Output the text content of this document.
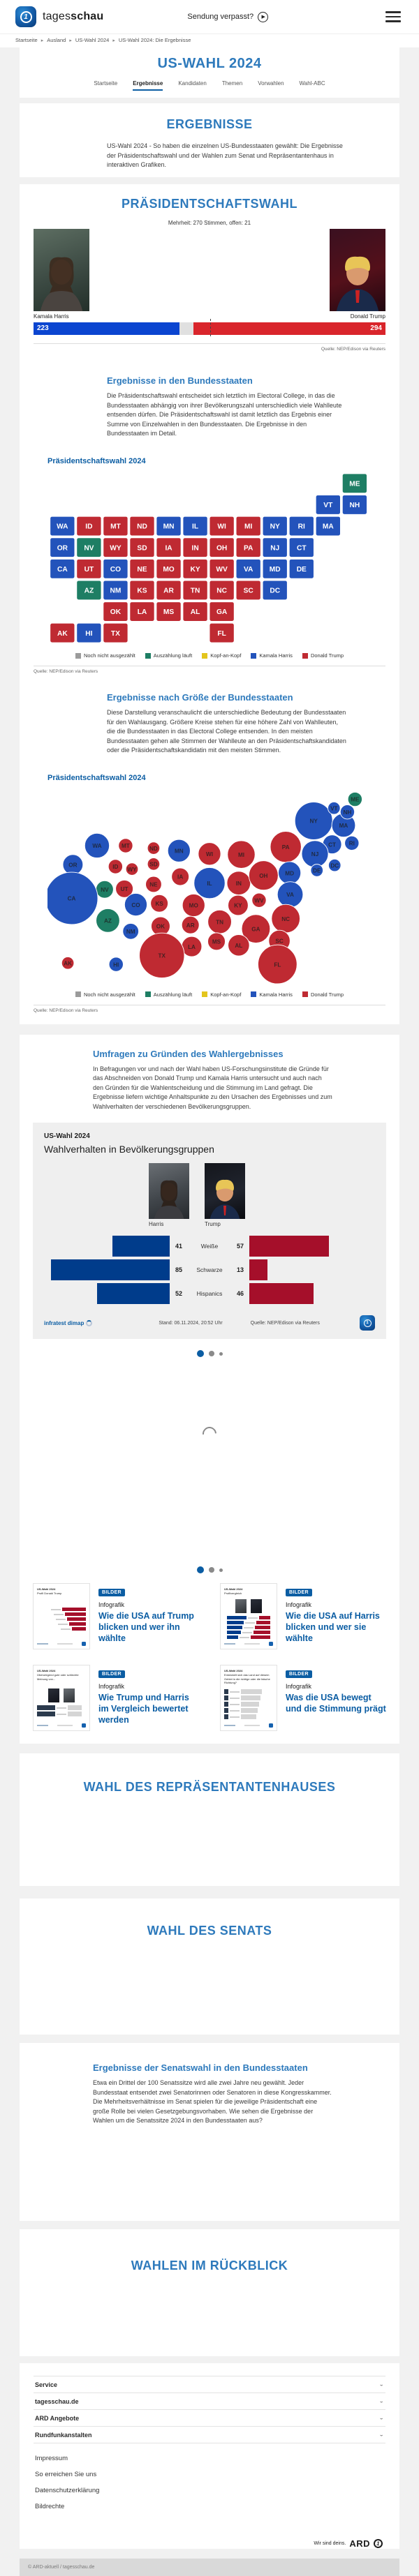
1	tagesschau	Sendung verpasst? ▶
Startseite ▸ Ausland ▸ US-Wahl 2024 ▸ US-Wahl 2024: Die Ergebnisse
US-WAHL 2024
Startseite	Ergebnisse	Kandidaten	Themen	Vorwahlen	Wahl-ABC
ERGEBNISSE

US-Wahl 2024 - So haben die einzelnen US-Bundesstaaten gewählt: Die Ergebnisse der Präsidentschaftswahl und der Wahlen zum Senat und Repräsentantenhaus in interaktiven Grafiken.

PRÄSIDENTSCHAFTSWAHL
Mehrheit: 270 Stimmen, offen: 21
Kamala Harris	Donald Trump
223	294
Quelle: NEP/Edison via Reuters
Ergebnisse in den Bundesstaaten

Die Präsidentschaftswahl entscheidet sich letztlich im Electoral College, in das die Bundesstaaten abhängig von ihrer Bevölkerungszahl unterschiedlich viele Wahlleute entsenden dürfen. Die Präsidentschaftswahl ist damit letztlich das Ergebnis einer Summe von Einzelwahlen in den Bundesstaaten. Die Ergebnisse in den Bundesstaaten im Detail.

Präsidentschaftswahl 2024
ME
VT NH
WA ID MT ND MN IL WI MI NY RI MA
OR NV WY SD IA	IN OH PA NJ CT
CA UT CO NE MO KY WV VA MD DE
AZ NM KS AR TN NC SC DC
OK LA MS AL GA
AK HI TX	FL
Noch nicht ausgezählt	Auszählung läuft	Kopf-an-Kopf	Kamala Harris	Donald Trump
Quelle: NEP/Edison via Reuters
Ergebnisse nach Größe der Bundesstaaten

Diese Darstellung veranschaulicht die unterschiedliche Bedeutung der Bundesstaaten für den Wahlausgang. Größere Kreise stehen für eine höhere Zahl von Wahlleuten, die die Bundesstaaten in das Electoral College entsenden. In den meisten Bundesstaaten gehen alle Stimmen der Wahlleute an den Präsidentschaftskandidaten oder die Präsidentschaftskandidatin mit den meisten Stimmen.

Präsidentschaftswahl 2024
WA	MT	ND	MN
WI	MI
NY
MA
VT
NH
ME
RI
CT
NJ
PA
OR	ID WY
SD
IA
NE	IL	IN
OH	MD	DE
NV UT
CO
CA
KS	MO	KY
WV
VA
DC
AZ
NM
OK	AR
TN
NC
SC
GA
AL
MS
LA
TX
FL
AK	HI
Noch nicht ausgezählt	Auszählung läuft	Kopf-an-Kopf	Kamala Harris	Donald Trump
Quelle: NEP/Edison via Reuters
Umfragen zu Gründen des Wahlergebnisses

In Befragungen vor und nach der Wahl haben US-Forschungsinstitute die Gründe für das Abschneiden von Donald Trump und Kamala Harris untersucht und auch nach den Gründen für die Wahlentscheidung und die Stimmung im Land gefragt. Die Ergebnisse liefern wichtige Anhaltspunkte zu den Ursachen des Ergebnisses und zum Wahlverhalten der verschiedenen Bevölkerungsgruppen.

US-Wahl 2024
Wahlverhalten in Bevölkerungsgruppen
Harris	Trump
41	Weiße	57
85	Schwarze	13
52	Hispanics	46
infratest dimap	Stand: 06.11.2024, 20:52 Uhr	Quelle: NEP/Edison via Reuters	1
US-Wahl 2024
Profil Donald Trump	BILDER
Infografik
Wie die USA auf Trump blicken und wer ihn wählte
US-Wahl 2024
Profilvergleich	BILDER
Infografik
Wie die USA auf Harris blicken und wer sie wählte
US-Wahl 2024
Überwiegend gute oder schlechte Meinung von...
BILDER
Infografik
Wie Trump und Harris im Vergleich bewertet werden
US-Wahl 2024
Entwickelt sich das Land auf diesem Gebiet in die richtige oder die falsche Richtung?
BILDER
Infografik
Was die USA bewegt und die Stimmung prägt
WAHL DES REPRÄSENTANTENHAUSES
WAHL DES SENATS
Ergebnisse der Senatswahl in den Bundesstaaten

Etwa ein Drittel der 100 Senatssitze wird alle zwei Jahre neu gewählt. Jeder Bundesstaat entsendet zwei Senatorinnen oder Senatoren in diese Kongresskammer. Die Mehrheitsverhältnisse im Senat spielen für die jeweilige Präsidentschaft eine große Rolle bei vielen Gesetzgebungsvorhaben. Wie sehen die Ergebnisse der Wahlen um die Senatssitze 2024 in den Bundesstaaten aus?

WAHLEN IM RÜCKBLICK
Service	⌄
tagesschau.de	⌄
ARD Angebote	⌄
Rundfunkanstalten	⌄
Impressum
So erreichen Sie uns
Datenschutzerklärung
Bildrechte
Wir sind deins. ARD	1
© ARD-aktuell / tagesschau.de
